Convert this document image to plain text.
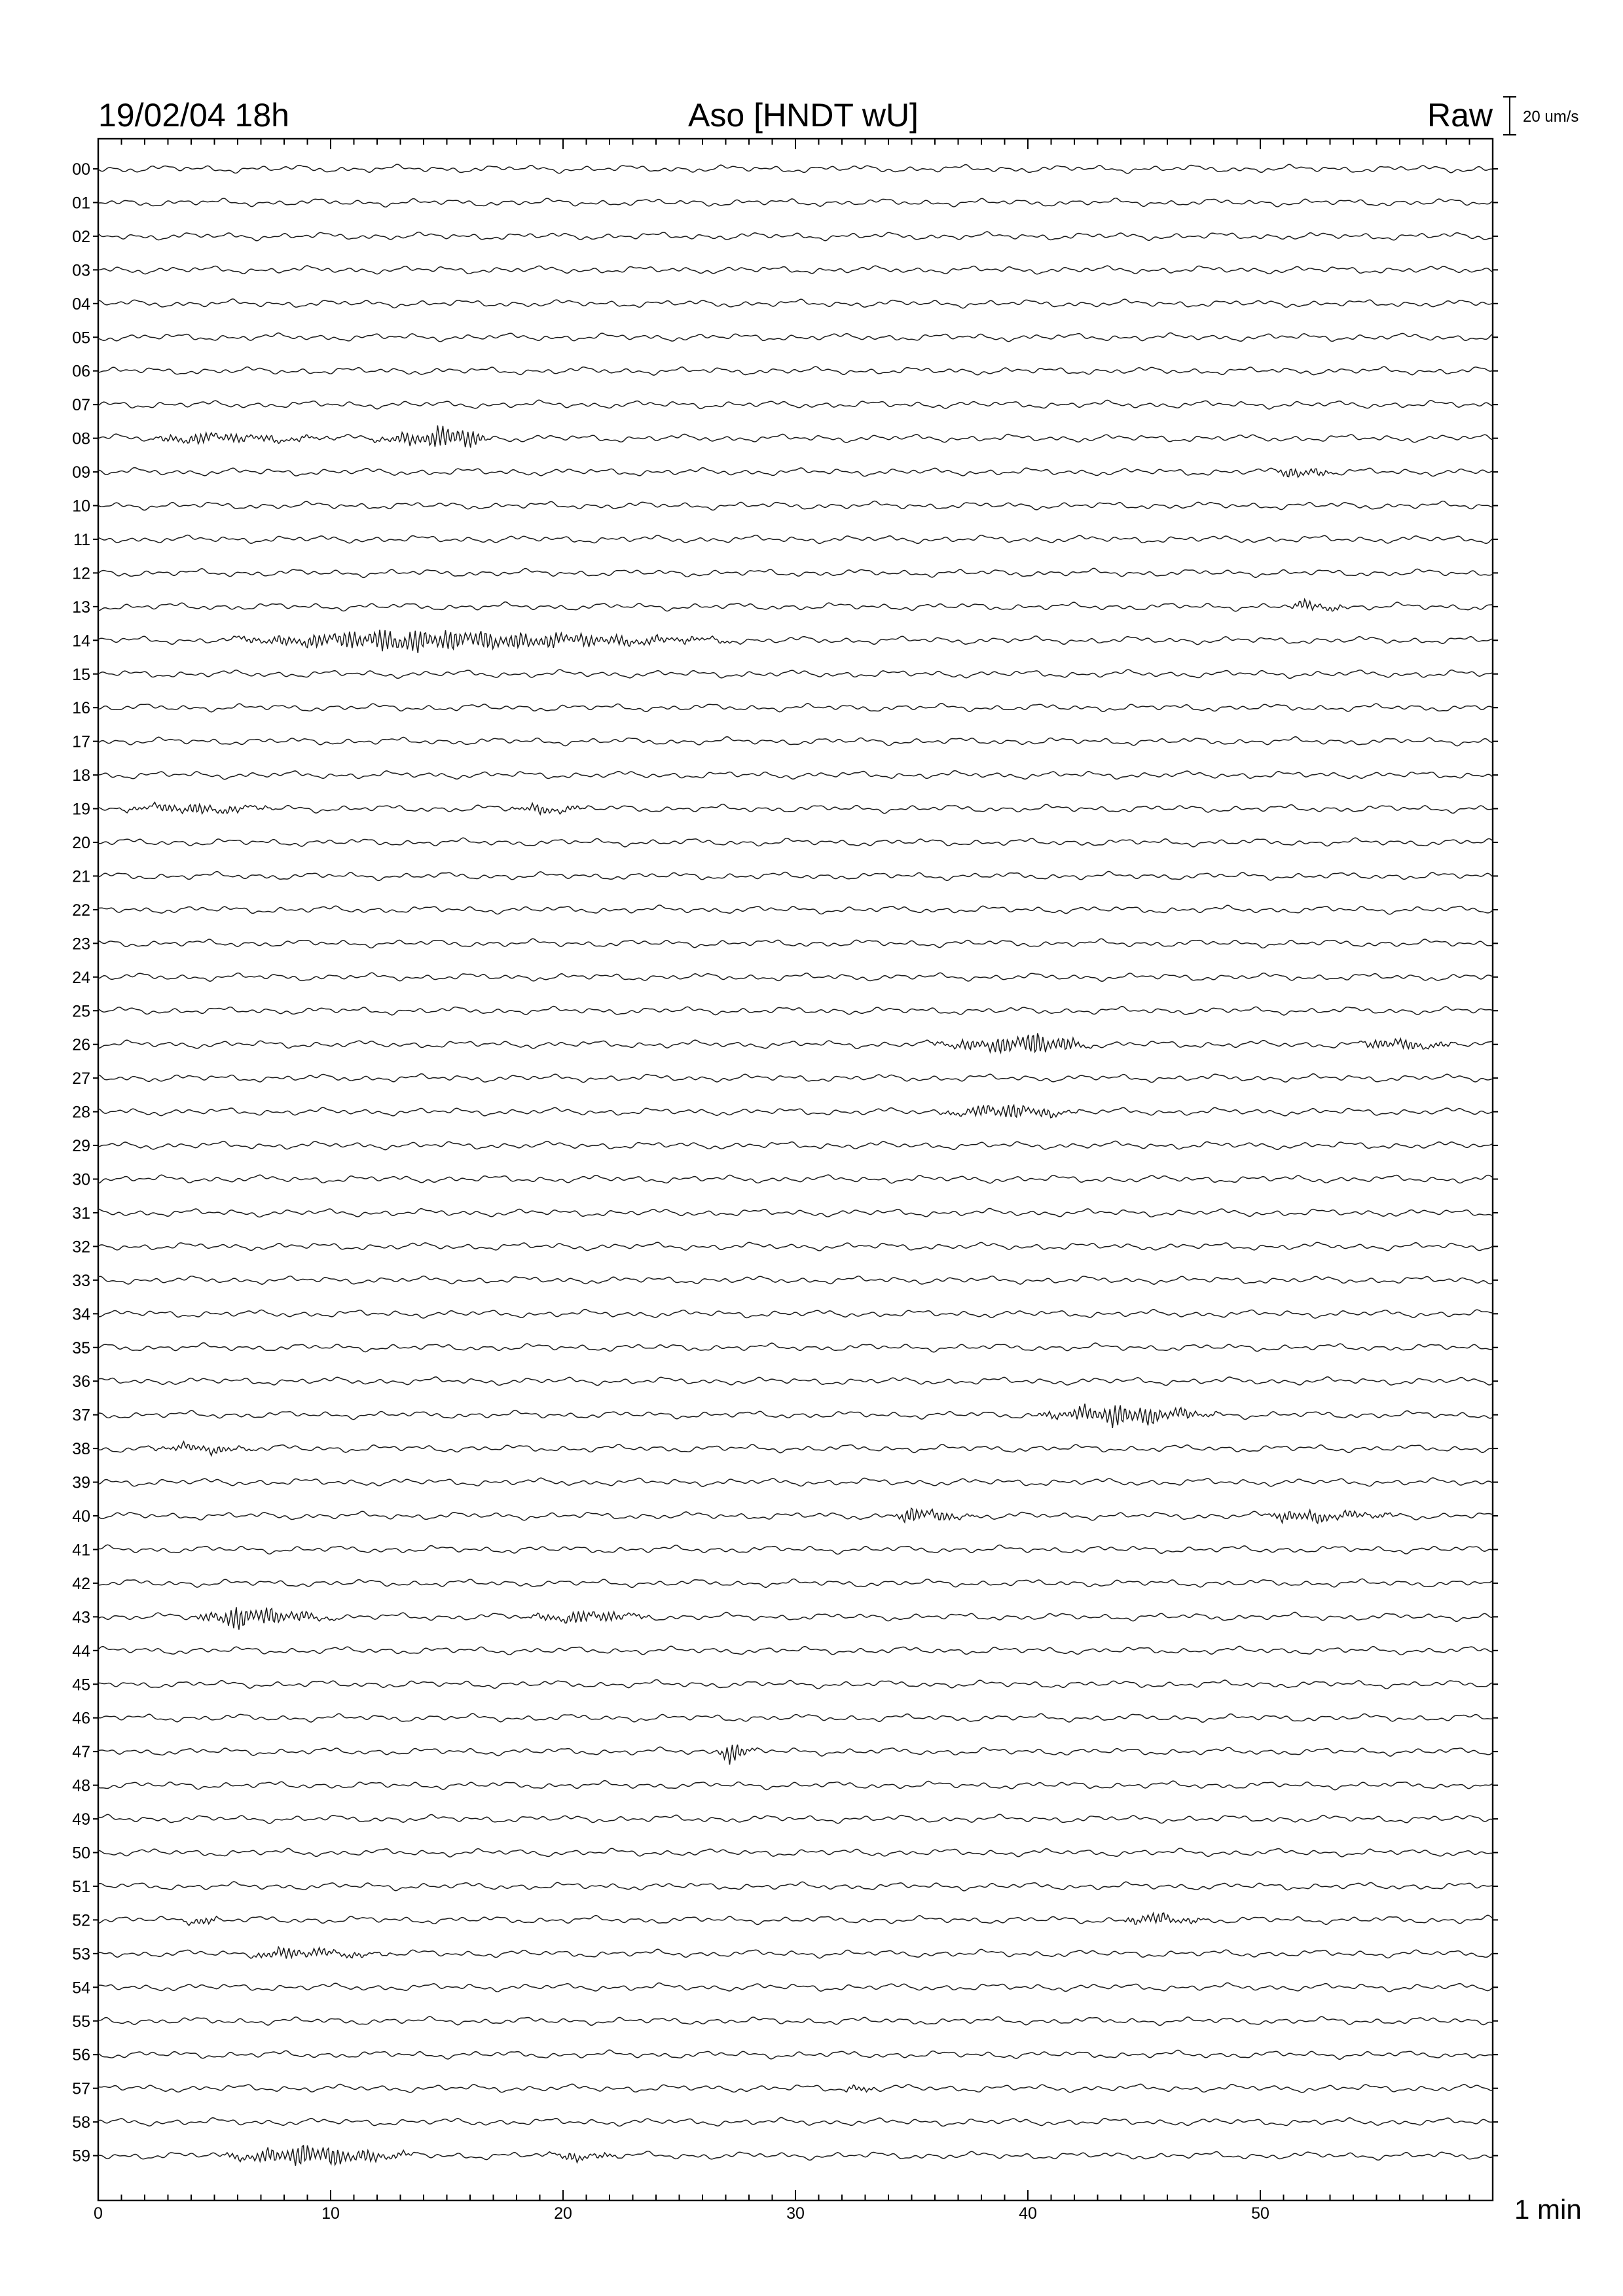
19/02/04 18h	Aso [HNDT wU]	Raw 20 um/s
00
01
02
03
04
05
06
07
08
09
10
11
12
13
14
15
16
17
18
19
20
21
22
23
24
25
26
27
28
29
30
31
32
33
34
35
36
37
38
39
40
41
42
43
44
45
46
47
48
49
50
51
52
53
54
55
56
57
58
59
0	10	20	30	40	50	1 min
